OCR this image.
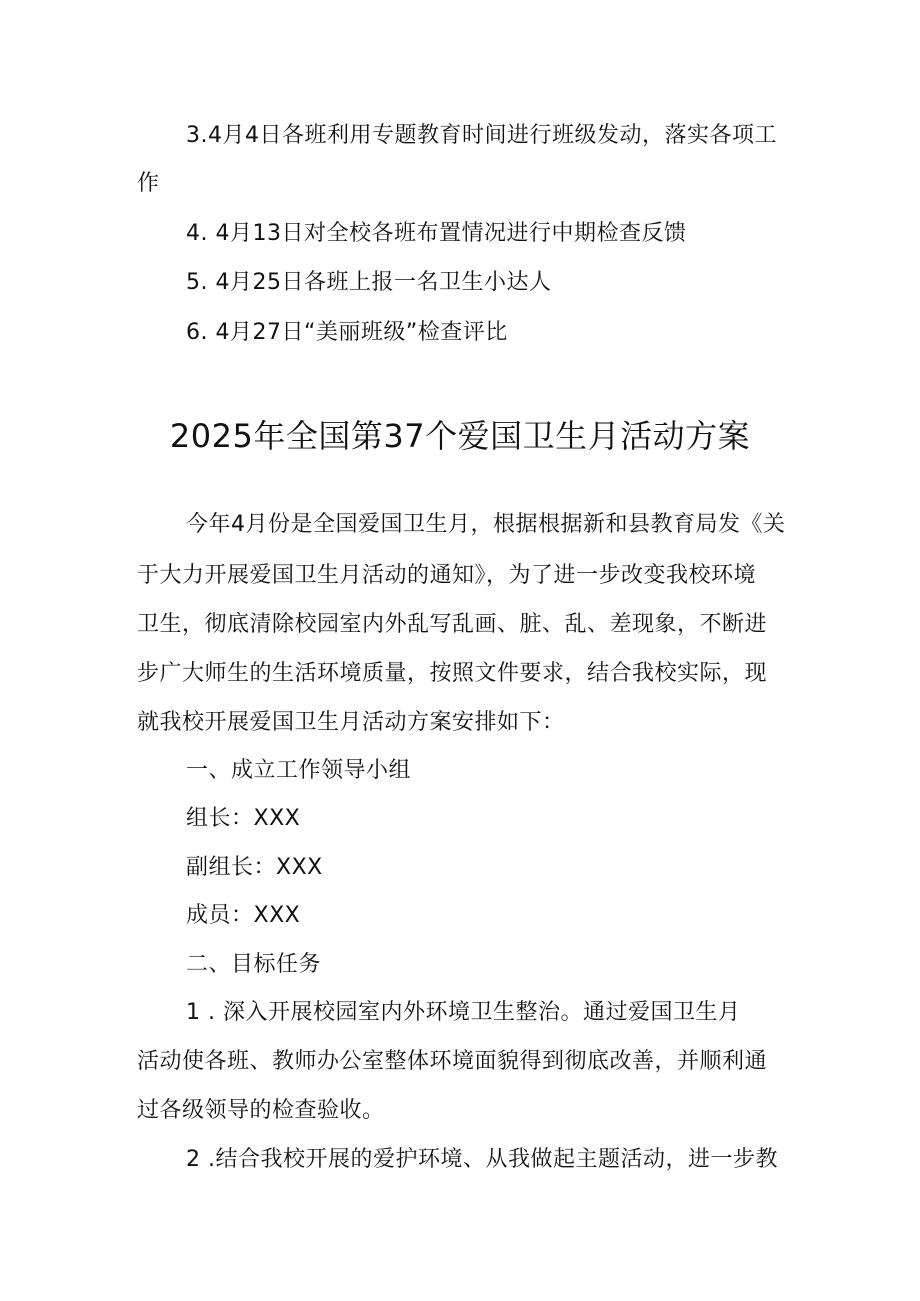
3.4月4日各班利用专题教育时间进行班级发动，落实各项工
作
4. 4月13日对全校各班布置情况进行中期检查反馈
5. 4月25日各班上报一名卫生小达人
6. 4月27日“美丽班级”检查评比
2025年全国第37个爱国卫生月活动方案
今年4月份是全国爱国卫生月，根据根据新和县教育局发《关
于大力开展爱国卫生月活动的通知》，为了进一步改变我校环境
卫生，彻底清除校园室内外乱写乱画、脏、乱、差现象，不断进
步广大师生的生活环境质量，按照文件要求，结合我校实际，现
就我校开展爱国卫生月活动方案安排如下：
一、成立工作领导小组
组长：XXX
副组长：XXX
成员：XXX
二、目标任务
1 . 深入开展校园室内外环境卫生整治。通过爱国卫生月
活动使各班、教师办公室整体环境面貌得到彻底改善，并顺利通
过各级领导的检查验收。
2 .结合我校开展的爱护环境、从我做起主题活动，进一步教
